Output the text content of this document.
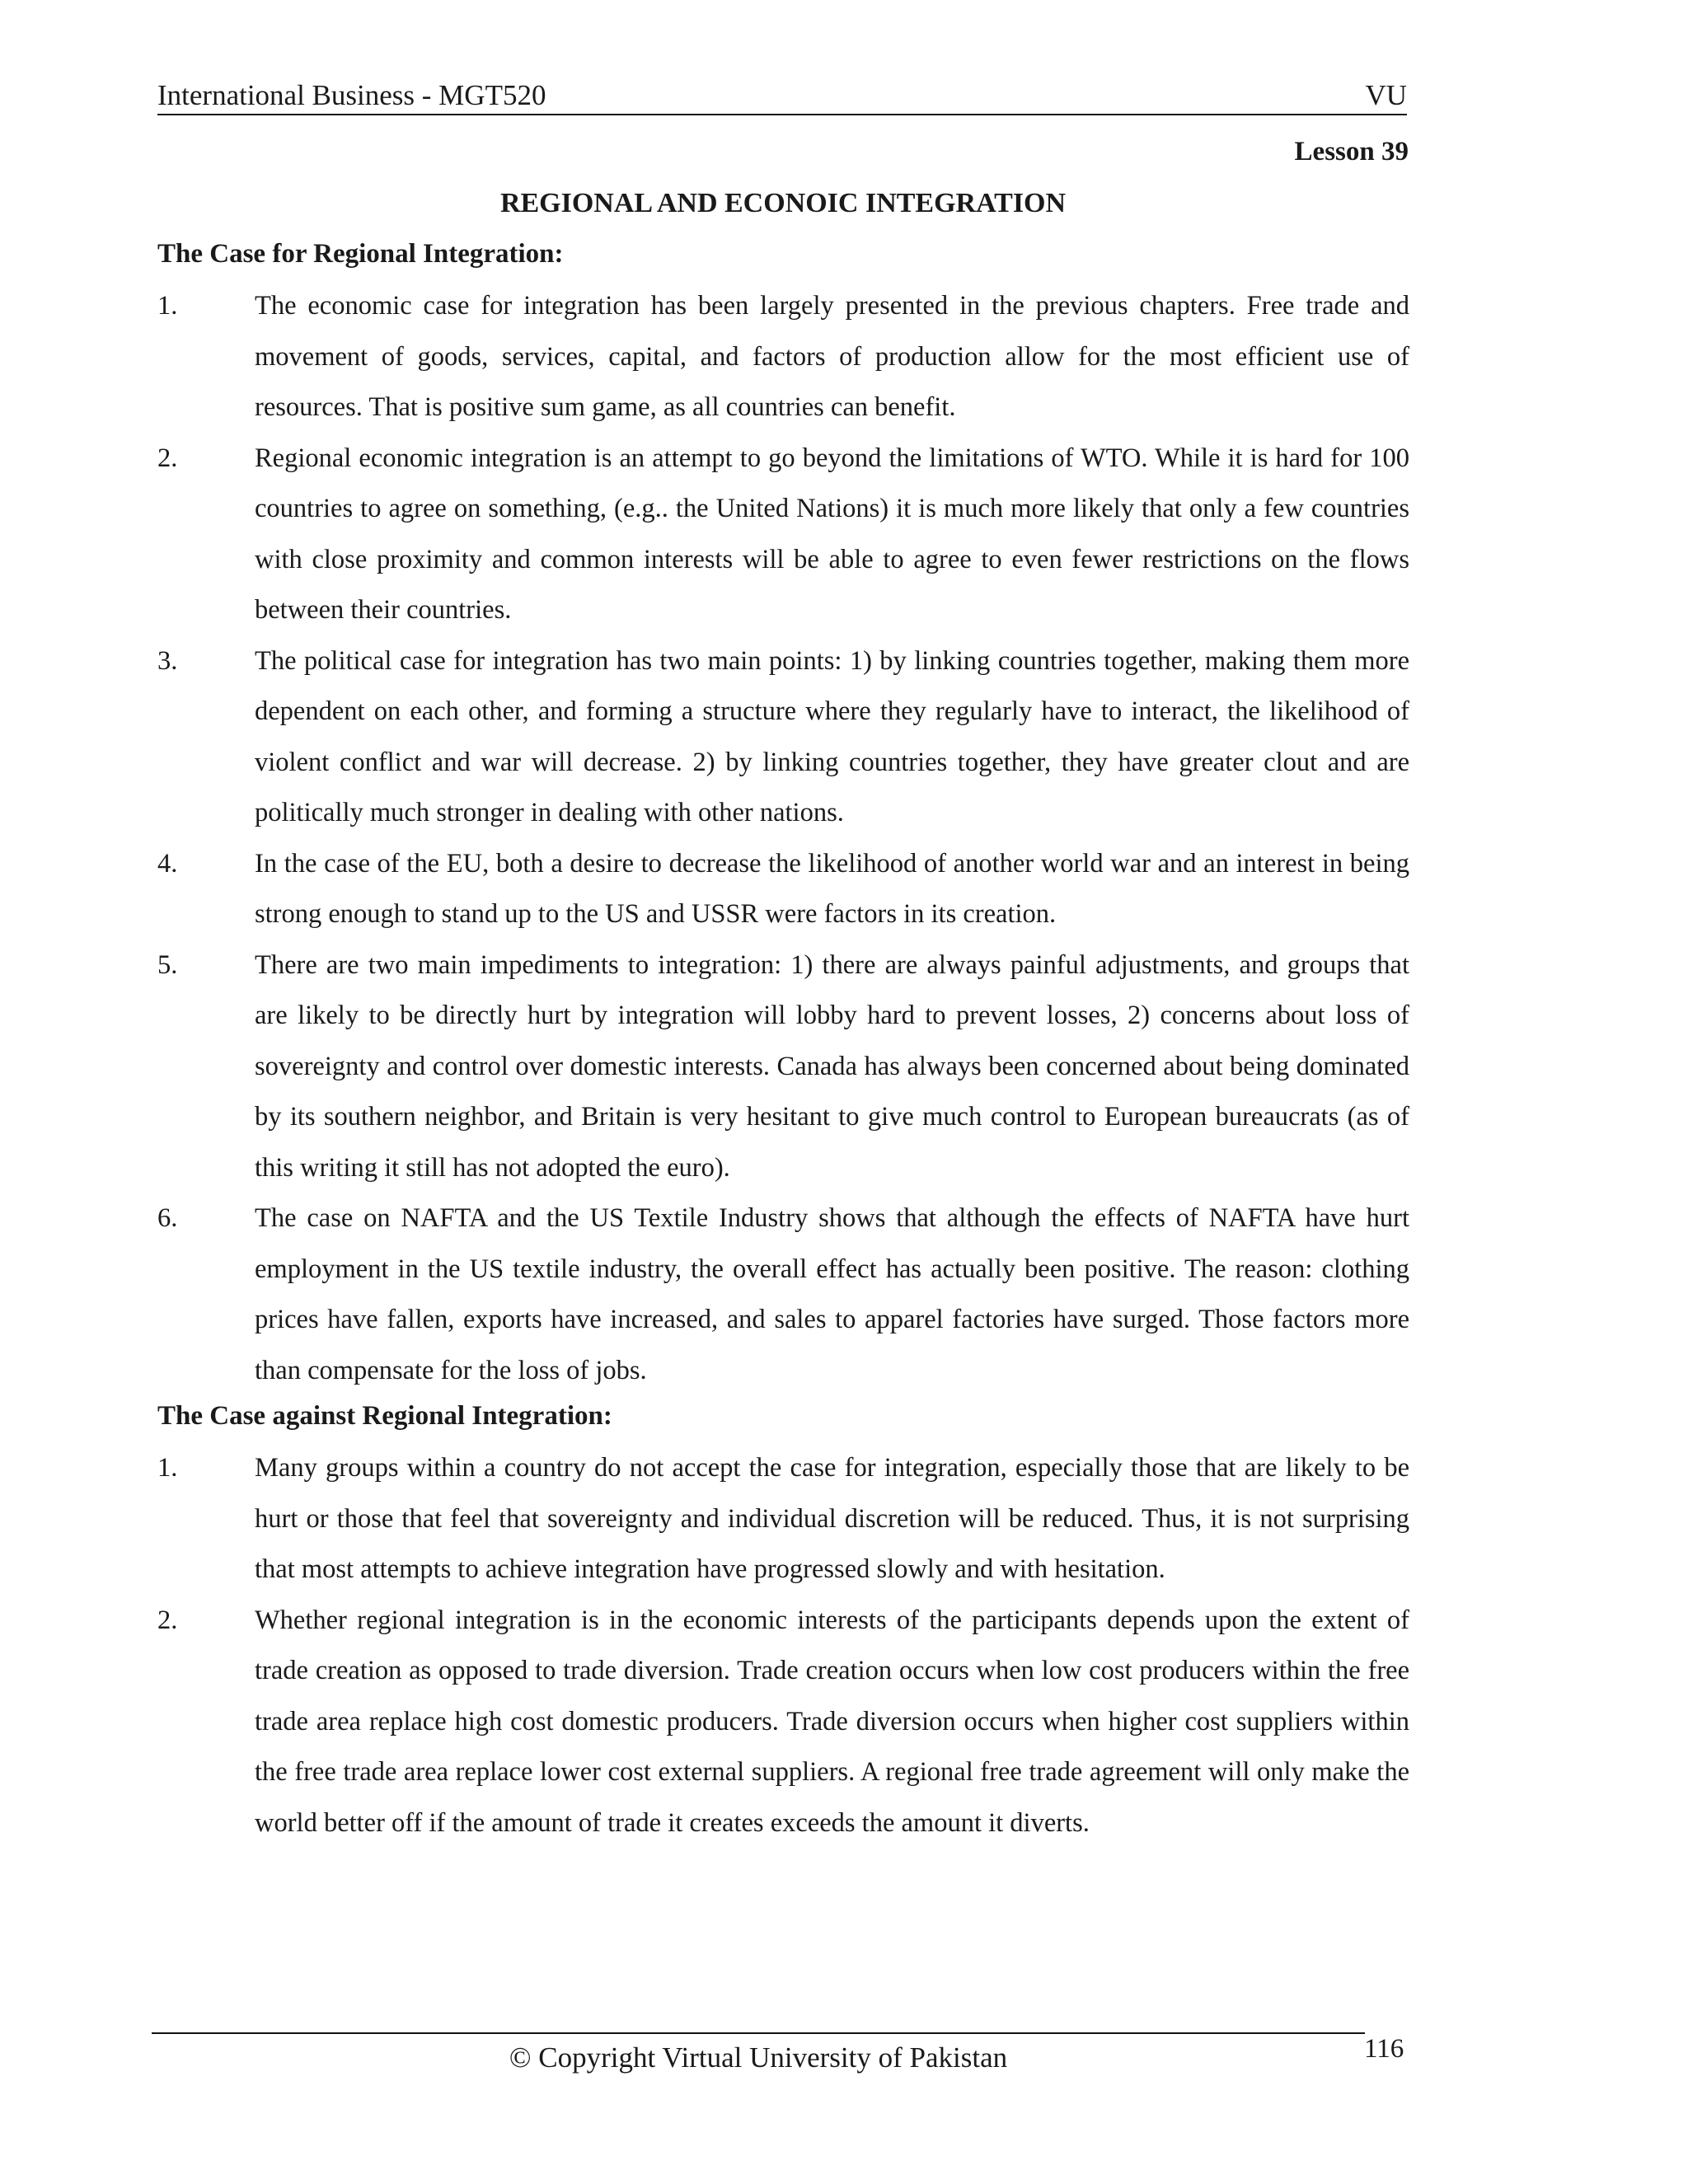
International Business - MGT520	VU
Lesson 39
REGIONAL AND ECONOIC INTEGRATION
The Case for Regional Integration:
1.	The economic case for integration has been largely presented in the previous chapters. Free trade and movement of goods, services, capital, and factors of production allow for the most efficient use of resources. That is positive sum game, as all countries can benefit.
2.	Regional economic integration is an attempt to go beyond the limitations of WTO. While it is hard for 100 countries to agree on something, (e.g.. the United Nations) it is much more likely that only a few countries with close proximity and common interests will be able to agree to even fewer restrictions on the flows between their countries.
3.	The political case for integration has two main points: 1) by linking countries together, making them more dependent on each other, and forming a structure where they regularly have to interact, the likelihood of violent conflict and war will decrease. 2) by linking countries together, they have greater clout and are politically much stronger in dealing with other nations.
4.	In the case of the EU, both a desire to decrease the likelihood of another world war and an interest in being strong enough to stand up to the US and USSR were factors in its creation.
5.	There are two main impediments to integration: 1) there are always painful adjustments, and groups that are likely to be directly hurt by integration will lobby hard to prevent losses, 2) concerns about loss of sovereignty and control over domestic interests. Canada has always been concerned about being dominated by its southern neighbor, and Britain is very hesitant to give much control to European bureaucrats (as of this writing it still has not adopted the euro).
6.	The case on NAFTA and the US Textile Industry shows that although the effects of NAFTA have hurt employment in the US textile industry, the overall effect has actually been positive. The reason: clothing prices have fallen, exports have increased, and sales to apparel factories have surged. Those factors more than compensate for the loss of jobs.
The Case against Regional Integration:
1.	Many groups within a country do not accept the case for integration, especially those that are likely to be hurt or those that feel that sovereignty and individual discretion will be reduced. Thus, it is not surprising that most attempts to achieve integration have progressed slowly and with hesitation.
2.	Whether regional integration is in the economic interests of the participants depends upon the extent of trade creation as opposed to trade diversion. Trade creation occurs when low cost producers within the free trade area replace high cost domestic producers. Trade diversion occurs when higher cost suppliers within the free trade area replace lower cost external suppliers. A regional free trade agreement will only make the world better off if the amount of trade it creates exceeds the amount it diverts.
© Copyright Virtual University of Pakistan	116
